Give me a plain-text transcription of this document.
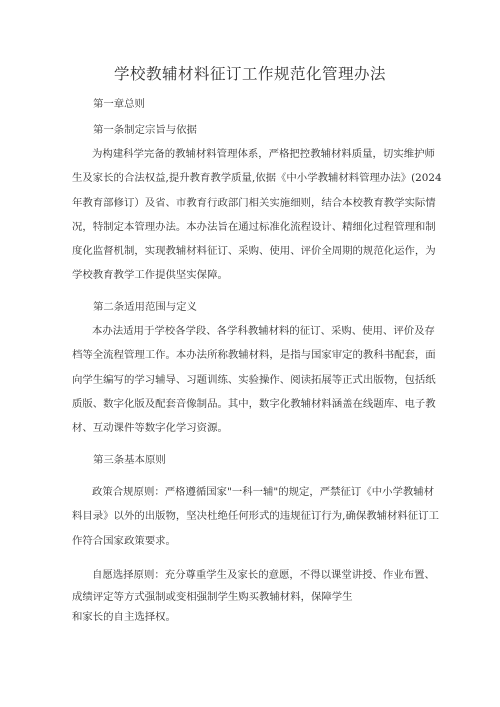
学校教辅材料征订工作规范化管理办法
第一章总则
第一条制定宗旨与依据
为构建科学完备的教辅材料管理体系，严格把控教辅材料质量，切实维护师
生及家长的合法权益,提升教育教学质量,依据《中小学教辅材料管理办法》(2024
年教育部修订）及省、市教育行政部门相关实施细则，结合本校教育教学实际情
况，特制定本管理办法。本办法旨在通过标准化流程设计、精细化过程管理和制
度化监督机制，实现教辅材料征订、采购、使用、评价全周期的规范化运作，为
学校教育教学工作提供坚实保障。
第二条适用范围与定义
本办法适用于学校各学段、各学科教辅材料的征订、采购、使用、评价及存
档等全流程管理工作。本办法所称教辅材料，是指与国家审定的教科书配套，面
向学生编写的学习辅导、习题训练、实验操作、阅读拓展等正式出版物，包括纸
质版、数字化版及配套音像制品。其中，数字化教辅材料涵盖在线题库、电子教
材、互动课件等数字化学习资源。
第三条基本原则
政策合规原则：严格遵循国家"一科一辅"的规定，严禁征订《中小学教辅材
料目录》以外的出版物，坚决杜绝任何形式的违规征订行为,确保教辅材料征订工
作符合国家政策要求。
自愿选择原则：充分尊重学生及家长的意愿，不得以课堂讲授、作业布置、
成绩评定等方式强制或变相强制学生购买教辅材料，保障学生
和家长的自主选择权。
